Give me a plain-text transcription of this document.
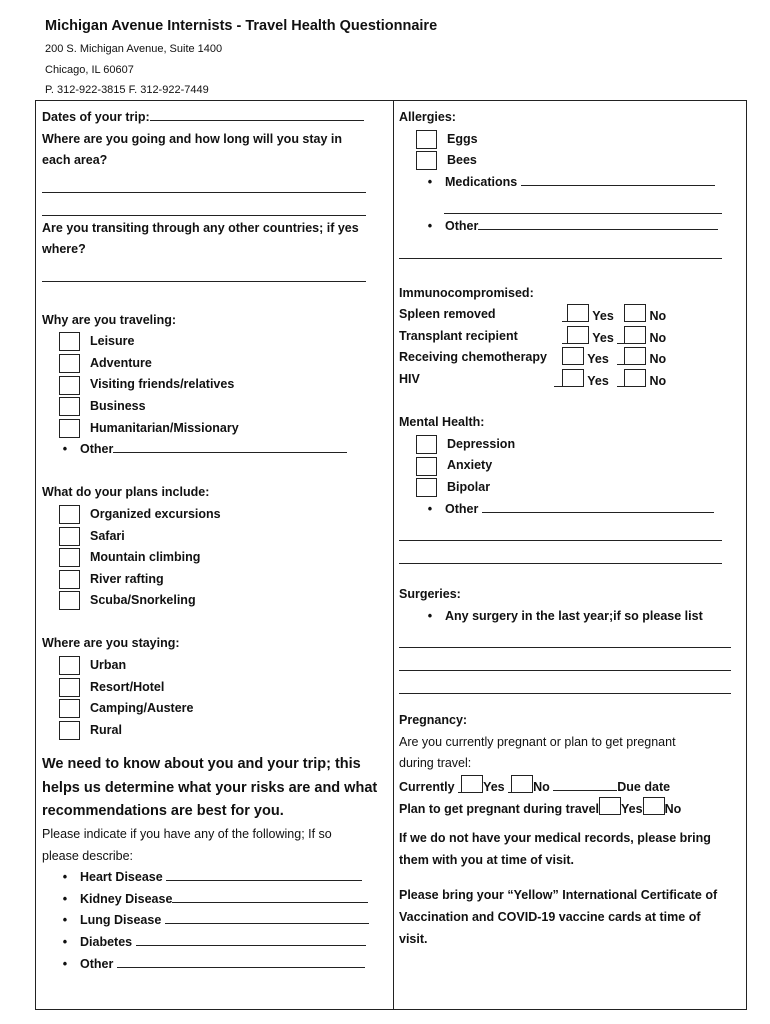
Michigan Avenue Internists - Travel Health Questionnaire
200 S. Michigan Avenue, Suite 1400
Chicago, IL 60607
P. 312-922-3815 F. 312-922-7449
Dates of your trip:
Where are you going and how long will you stay in
each area?
Are you transiting through any other countries; if yes
where?
Why are you traveling:
Leisure
Adventure
Visiting friends/relatives
Business
Humanitarian/Missionary
• Other
What do your plans include:
Organized excursions
Safari
Mountain climbing
River rafting
Scuba/Snorkeling
Where are you staying:
Urban
Resort/Hotel
Camping/Austere
Rural
We need to know about you and your trip; this
helps us determine what your risks are and what
recommendations are best for you.
Please indicate if you have any of the following; If so
please describe:
• Heart Disease
• Kidney Disease
• Lung Disease
• Diabetes
• Other
Allergies:
Eggs
Bees
• Medications
• Other
Immunocompromised:
Spleen removed	Yes	No
Transplant recipient	Yes	No
Receiving chemotherapy	Yes	No
HIV	Yes	No
Mental Health:
Depression
Anxiety
Bipolar
• Other
Surgeries:
• Any surgery in the last year;if so please list
Pregnancy:
Are you currently pregnant or plan to get pregnant
during travel:
Currently Yes No	Due date
Plan to get pregnant during travel Yes No
If we do not have your medical records, please bring
them with you at time of visit.
Please bring your “Yellow” International Certificate of
Vaccination and COVID-19 vaccine cards at time of
visit.
